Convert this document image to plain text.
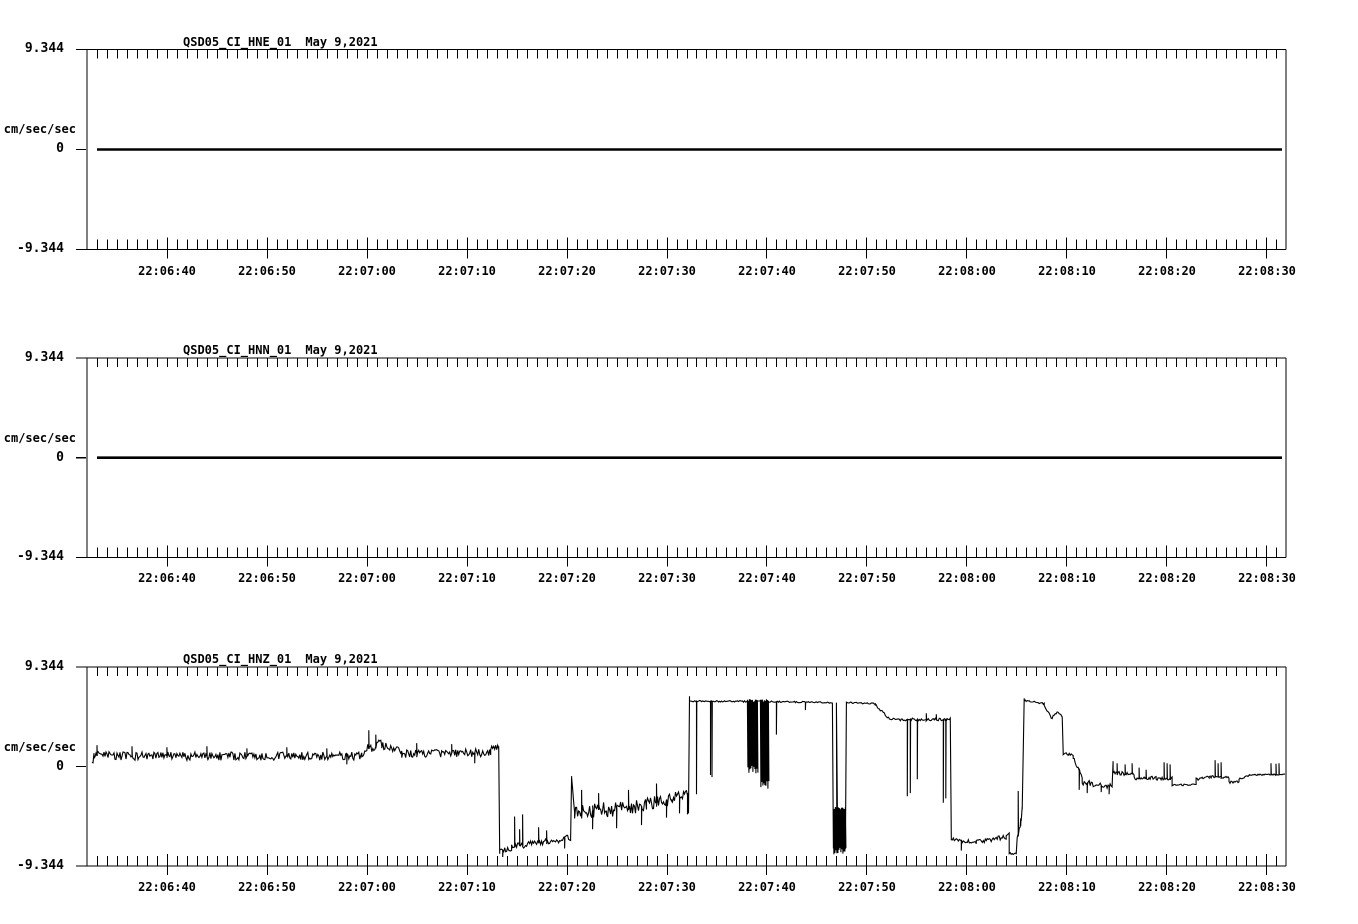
QSD05_CI_HNE_01 May 9,2021
9.344
cm/sec/sec
0
-9.344
22:06:40	22:06:50	22:07:00	22:07:10	22:07:20	22:07:30	22:07:40	22:07:50	22:08:00	22:08:10	22:08:20	22:08:30
QSD05_CI_HNN_01 May 9,2021
9.344
cm/sec/sec
0
-9.344
22:06:40	22:06:50	22:07:00	22:07:10	22:07:20	22:07:30	22:07:40	22:07:50	22:08:00	22:08:10	22:08:20	22:08:30
QSD05_CI_HNZ_01 May 9,2021
9.344
cm/sec/sec
0
-9.344
22:06:40	22:06:50	22:07:00	22:07:10	22:07:20	22:07:30	22:07:40	22:07:50	22:08:00	22:08:10	22:08:20	22:08:30
